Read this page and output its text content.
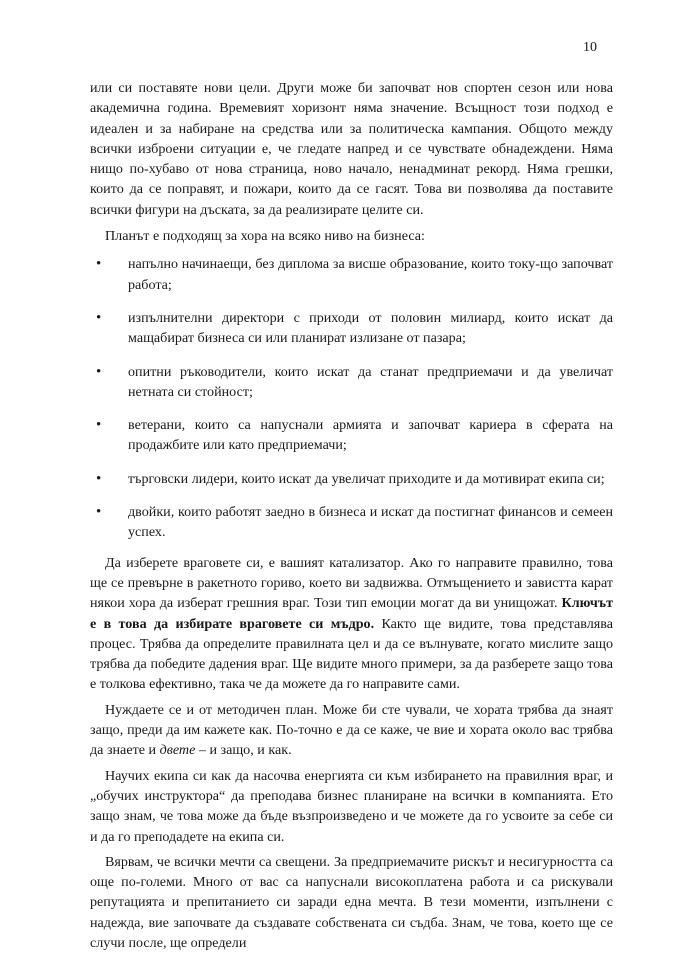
10

или си поставяте нови цели. Други може би започват нов спортен сезон или нова академична година. Времевият хоризонт няма значение. Всъщност този подход е идеален и за набиране на средства или за политическа кампания. Общото между всички изброени ситуации е, че гледате напред и се чувствате обнадеждени. Няма нищо по-хубаво от нова страница, ново начало, ненадминат рекорд. Няма грешки, които да се поправят, и пожари, които да се гасят. Това ви позволява да поставите всички фигури на дъската, за да реализирате целите си.

Планът е подходящ за хора на всяко ниво на бизнеса:

• напълно начинаещи, без диплома за висше образование, които току-що започват работа;
• изпълнителни директори с приходи от половин милиард, които искат да мащабират бизнеса си или планират излизане от пазара;
• опитни ръководители, които искат да станат предприемачи и да увеличат нетната си стойност;
• ветерани, които са напуснали армията и започват кариера в сферата на продажбите или като предприемачи;
• търговски лидери, които искат да увеличат приходите и да мотивират екипа си;
• двойки, които работят заедно в бизнеса и искат да постигнат финансов и семеен успех.

Да изберете враговете си, е вашият катализатор. Ако го направите правилно, това ще се превърне в ракетното гориво, което ви задвижва. Отмъщението и завистта карат някои хора да изберат грешния враг. Този тип емоции могат да ви унищожат. Ключът е в това да избирате враговете си мъдро. Както ще видите, това представлява процес. Трябва да определите правилната цел и да се вълнувате, когато мислите защо трябва да победите дадения враг. Ще видите много примери, за да разберете защо това е толкова ефективно, така че да можете да го направите сами.

Нуждаете се и от методичен план. Може би сте чували, че хората трябва да знаят защо, преди да им кажете как. По-точно е да се каже, че вие и хората около вас трябва да знаете и двете – и защо, и как.

Научих екипа си как да насочва енергията си към избирането на правилния враг, и „обучих инструктора“ да преподава бизнес планиране на всички в компанията. Ето защо знам, че това може да бъде възпроизведено и че можете да го усвоите за себе си и да го преподадете на екипа си.

Вярвам, че всички мечти са свещени. За предприемачите рискът и несигурността са още по-големи. Много от вас са напуснали високоплатена работа и са рискували репутацията и препитанието си заради една мечта. В тези моменти, изпълнени с надежда, вие започвате да създавате собствената си съдба. Знам, че това, което ще се случи после, ще определи
